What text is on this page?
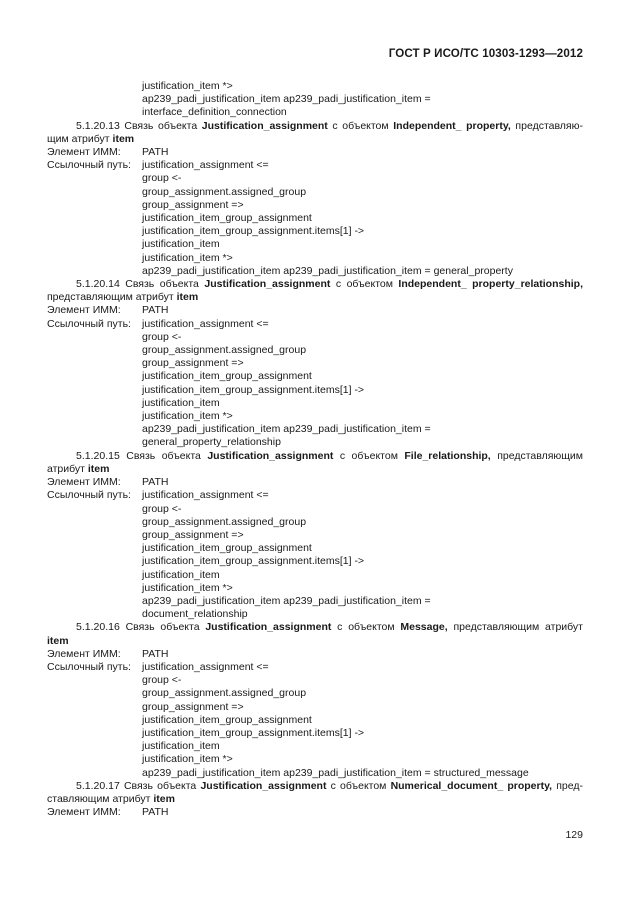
ГОСТ Р ИСО/ТС 10303-1293—2012
justification_item *>
ap239_padi_justification_item ap239_padi_justification_item =
interface_definition_connection
5.1.20.13 Связь объекта Justification_assignment с объектом Independent_ property, представляю-щим атрибут item
Элемент ИММ: PATH
Ссылочный путь: justification_assignment <=
group <-
group_assignment.assigned_group
group_assignment =>
justification_item_group_assignment
justification_item_group_assignment.items[1] ->
justification_item
justification_item *>
ap239_padi_justification_item ap239_padi_justification_item = general_property
5.1.20.14 Связь объекта Justification_assignment с объектом Independent_ property_relationship, представляющим атрибут item
Элемент ИММ: PATH
Ссылочный путь: justification_assignment <=
group <-
group_assignment.assigned_group
group_assignment =>
justification_item_group_assignment
justification_item_group_assignment.items[1] ->
justification_item
justification_item *>
ap239_padi_justification_item ap239_padi_justification_item =
general_property_relationship
5.1.20.15 Связь объекта Justification_assignment с объектом File_relationship, представляющим атрибут item
Элемент ИММ: PATH
Ссылочный путь: justification_assignment <=
group <-
group_assignment.assigned_group
group_assignment =>
justification_item_group_assignment
justification_item_group_assignment.items[1] ->
justification_item
justification_item *>
ap239_padi_justification_item ap239_padi_justification_item =
document_relationship
5.1.20.16 Связь объекта Justification_assignment с объектом Message, представляющим атрибут item
Элемент ИММ: PATH
Ссылочный путь: justification_assignment <=
group <-
group_assignment.assigned_group
group_assignment =>
justification_item_group_assignment
justification_item_group_assignment.items[1] ->
justification_item
justification_item *>
ap239_padi_justification_item ap239_padi_justification_item = structured_message
5.1.20.17 Связь объекта Justification_assignment с объектом Numerical_document_ property, пред-ставляющим атрибут item
Элемент ИММ: PATH
129
